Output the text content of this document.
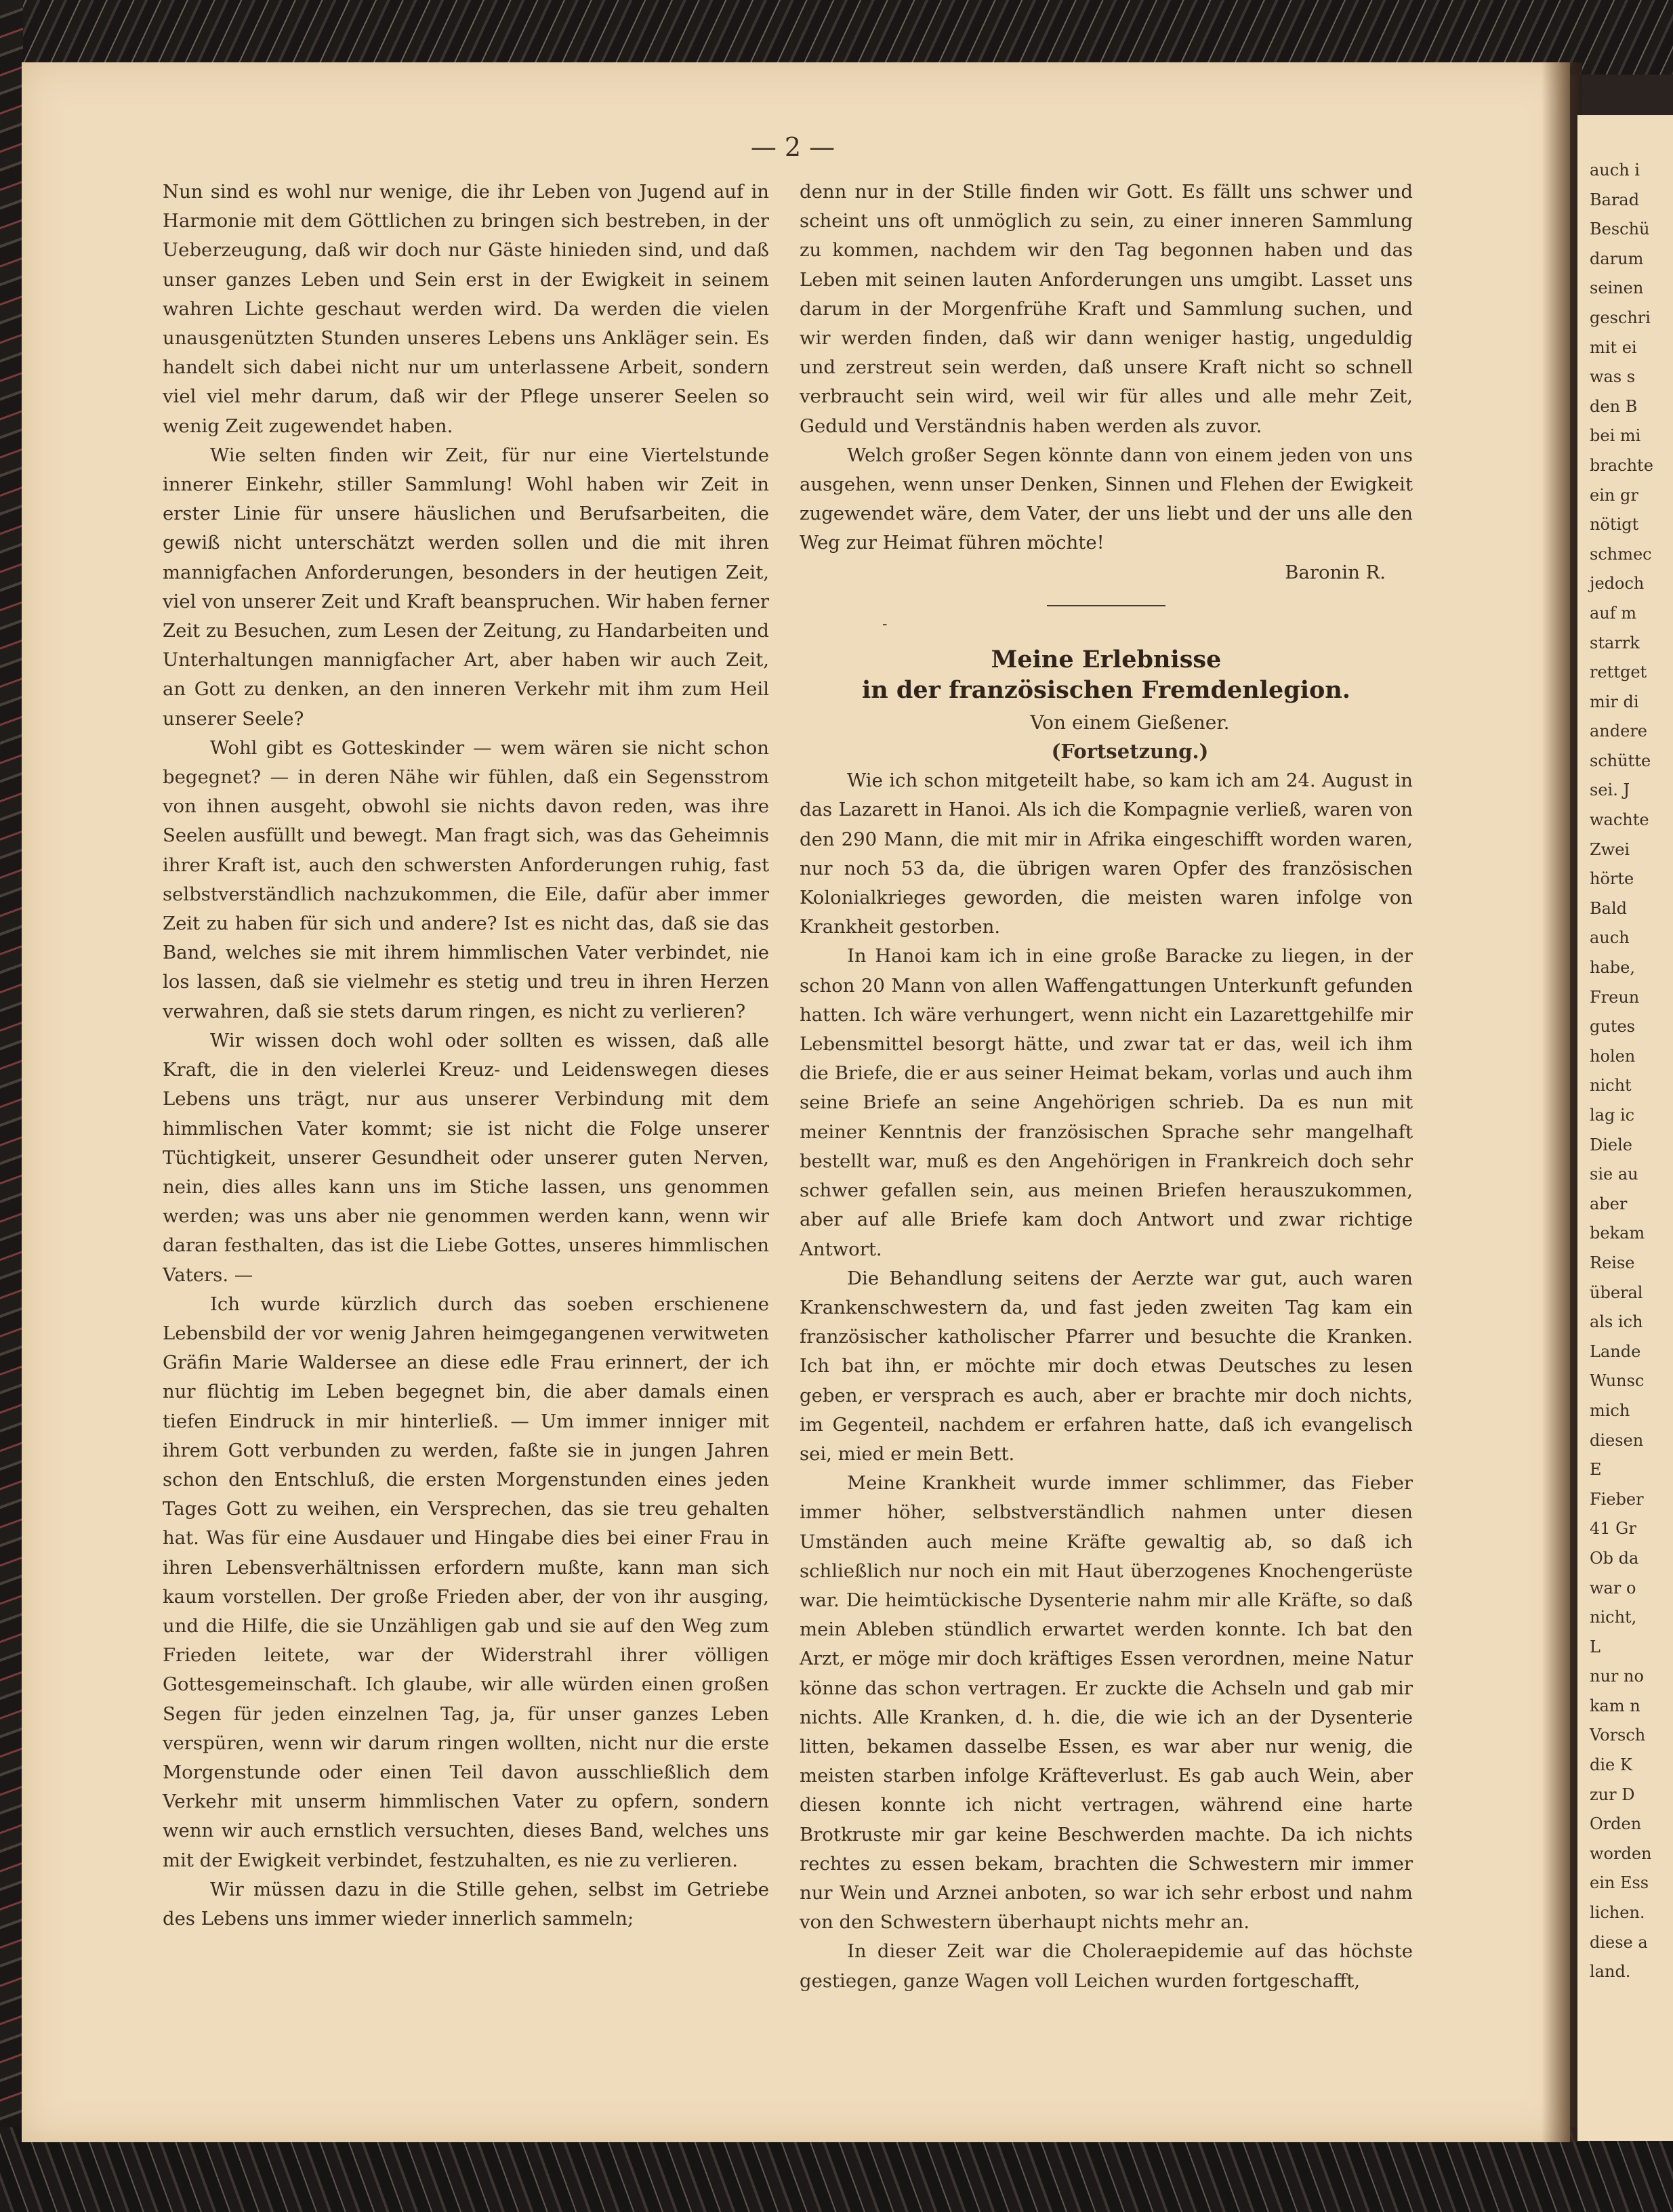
auch i
Barad
Beschü
darum
seinen
geschri
mit ei
was s
den B
bei mi
brachte
ein gr
nötigt
schmec
jedoch
auf m
starrk
rettget
mir di
andere
schütte
sei. J
wachte
Zwei
hörte
Bald
auch
habe,
Freun
gutes
holen
nicht
lag ic
Diele
sie au
aber
bekam
Reise
überal
als ich
Lande
Wunsc
mich
diesen
E
Fieber
41 Gr
Ob da
war o
nicht,
L
nur no
kam n
Vorsch
die K
zur D
Orden
worden
ein Ess
lichen.
diese a
land.
— 2 —

Nun sind es wohl nur wenige, die ihr Leben von Jugend auf in Harmonie mit dem Göttlichen zu bringen sich bestreben, in der Ueberzeugung, daß wir doch nur Gäste hinieden sind, und daß unser ganzes Leben und Sein erst in der Ewigkeit in seinem wahren Lichte geschaut werden wird. Da werden die vielen unausgenützten Stunden unseres Lebens uns Ankläger sein. Es handelt sich dabei nicht nur um unterlassene Arbeit, sondern viel viel mehr darum, daß wir der Pflege unserer Seelen so wenig Zeit zugewendet haben.

Wie selten finden wir Zeit, für nur eine Viertelstunde innerer Einkehr, stiller Sammlung! Wohl haben wir Zeit in erster Linie für unsere häuslichen und Berufsarbeiten, die gewiß nicht unterschätzt werden sollen und die mit ihren mannigfachen Anforderungen, besonders in der heutigen Zeit, viel von unserer Zeit und Kraft beanspruchen. Wir haben ferner Zeit zu Besuchen, zum Lesen der Zeitung, zu Handarbeiten und Unterhaltungen mannigfacher Art, aber haben wir auch Zeit, an Gott zu denken, an den inneren Verkehr mit ihm zum Heil unserer Seele?

Wohl gibt es Gotteskinder — wem wären sie nicht schon begegnet? — in deren Nähe wir fühlen, daß ein Segensstrom von ihnen ausgeht, obwohl sie nichts davon reden, was ihre Seelen ausfüllt und bewegt. Man fragt sich, was das Geheimnis ihrer Kraft ist, auch den schwersten Anforderungen ruhig, fast selbstverständlich nachzukommen, die Eile, dafür aber immer Zeit zu haben für sich und andere? Ist es nicht das, daß sie das Band, welches sie mit ihrem himmlischen Vater verbindet, nie los lassen, daß sie vielmehr es stetig und treu in ihren Herzen verwahren, daß sie stets darum ringen, es nicht zu verlieren?

Wir wissen doch wohl oder sollten es wissen, daß alle Kraft, die in den vielerlei Kreuz- und Leidenswegen dieses Lebens uns trägt, nur aus unserer Verbindung mit dem himmlischen Vater kommt; sie ist nicht die Folge unserer Tüchtigkeit, unserer Gesundheit oder unserer guten Nerven, nein, dies alles kann uns im Stiche lassen, uns genommen werden; was uns aber nie genommen werden kann, wenn wir daran festhalten, das ist die Liebe Gottes, unseres himmlischen Vaters. —

Ich wurde kürzlich durch das soeben erschienene Lebensbild der vor wenig Jahren heimgegangenen verwitweten Gräfin Marie Waldersee an diese edle Frau erinnert, der ich nur flüchtig im Leben begegnet bin, die aber damals einen tiefen Eindruck in mir hinterließ. — Um immer inniger mit ihrem Gott verbunden zu werden, faßte sie in jungen Jahren schon den Entschluß, die ersten Morgenstunden eines jeden Tages Gott zu weihen, ein Versprechen, das sie treu gehalten hat. Was für eine Ausdauer und Hingabe dies bei einer Frau in ihren Lebensverhältnissen erfordern mußte, kann man sich kaum vorstellen. Der große Frieden aber, der von ihr ausging, und die Hilfe, die sie Unzähligen gab und sie auf den Weg zum Frieden leitete, war der Widerstrahl ihrer völligen Gottesgemeinschaft. Ich glaube, wir alle würden einen großen Segen für jeden einzelnen Tag, ja, für unser ganzes Leben verspüren, wenn wir darum ringen wollten, nicht nur die erste Morgenstunde oder einen Teil davon ausschließlich dem Verkehr mit unserm himmlischen Vater zu opfern, sondern wenn wir auch ernstlich versuchten, dieses Band, welches uns mit der Ewigkeit verbindet, festzuhalten, es nie zu verlieren.

Wir müssen dazu in die Stille gehen, selbst im Getriebe des Lebens uns immer wieder innerlich sammeln;

denn nur in der Stille finden wir Gott. Es fällt uns schwer und scheint uns oft unmöglich zu sein, zu einer inneren Sammlung zu kommen, nachdem wir den Tag begonnen haben und das Leben mit seinen lauten Anforderungen uns umgibt. Lasset uns darum in der Morgenfrühe Kraft und Sammlung suchen, und wir werden finden, daß wir dann weniger hastig, ungeduldig und zerstreut sein werden, daß unsere Kraft nicht so schnell verbraucht sein wird, weil wir für alles und alle mehr Zeit, Geduld und Verständnis haben werden als zuvor.

Welch großer Segen könnte dann von einem jeden von uns ausgehen, wenn unser Denken, Sinnen und Flehen der Ewigkeit zugewendet wäre, dem Vater, der uns liebt und der uns alle den Weg zur Heimat führen möchte!

Baronin R.

-

Meine Erlebnisse
in der französischen Fremdenlegion.

Von einem Gießener.

(Fortsetzung.)

Wie ich schon mitgeteilt habe, so kam ich am 24. August in das Lazarett in Hanoi. Als ich die Kompagnie verließ, waren von den 290 Mann, die mit mir in Afrika eingeschifft worden waren, nur noch 53 da, die übrigen waren Opfer des französischen Kolonialkrieges geworden, die meisten waren infolge von Krankheit gestorben.

In Hanoi kam ich in eine große Baracke zu liegen, in der schon 20 Mann von allen Waffengattungen Unterkunft gefunden hatten. Ich wäre verhungert, wenn nicht ein Lazarettgehilfe mir Lebensmittel besorgt hätte, und zwar tat er das, weil ich ihm die Briefe, die er aus seiner Heimat bekam, vorlas und auch ihm seine Briefe an seine Angehörigen schrieb. Da es nun mit meiner Kenntnis der französischen Sprache sehr mangelhaft bestellt war, muß es den Angehörigen in Frankreich doch sehr schwer gefallen sein, aus meinen Briefen herauszukommen, aber auf alle Briefe kam doch Antwort und zwar richtige Antwort.

Die Behandlung seitens der Aerzte war gut, auch waren Krankenschwestern da, und fast jeden zweiten Tag kam ein französischer katholischer Pfarrer und besuchte die Kranken. Ich bat ihn, er möchte mir doch etwas Deutsches zu lesen geben, er versprach es auch, aber er brachte mir doch nichts, im Gegenteil, nachdem er erfahren hatte, daß ich evangelisch sei, mied er mein Bett.

Meine Krankheit wurde immer schlimmer, das Fieber immer höher, selbstverständlich nahmen unter diesen Umständen auch meine Kräfte gewaltig ab, so daß ich schließlich nur noch ein mit Haut überzogenes Knochengerüste war. Die heimtückische Dysenterie nahm mir alle Kräfte, so daß mein Ableben stündlich erwartet werden konnte. Ich bat den Arzt, er möge mir doch kräftiges Essen verordnen, meine Natur könne das schon vertragen. Er zuckte die Achseln und gab mir nichts. Alle Kranken, d. h. die, die wie ich an der Dysenterie litten, bekamen dasselbe Essen, es war aber nur wenig, die meisten starben infolge Kräfteverlust. Es gab auch Wein, aber diesen konnte ich nicht vertragen, während eine harte Brotkruste mir gar keine Beschwerden machte. Da ich nichts rechtes zu essen bekam, brachten die Schwestern mir immer nur Wein und Arznei anboten, so war ich sehr erbost und nahm von den Schwestern überhaupt nichts mehr an.

In dieser Zeit war die Choleraepidemie auf das höchste gestiegen, ganze Wagen voll Leichen wurden fortgeschafft,
